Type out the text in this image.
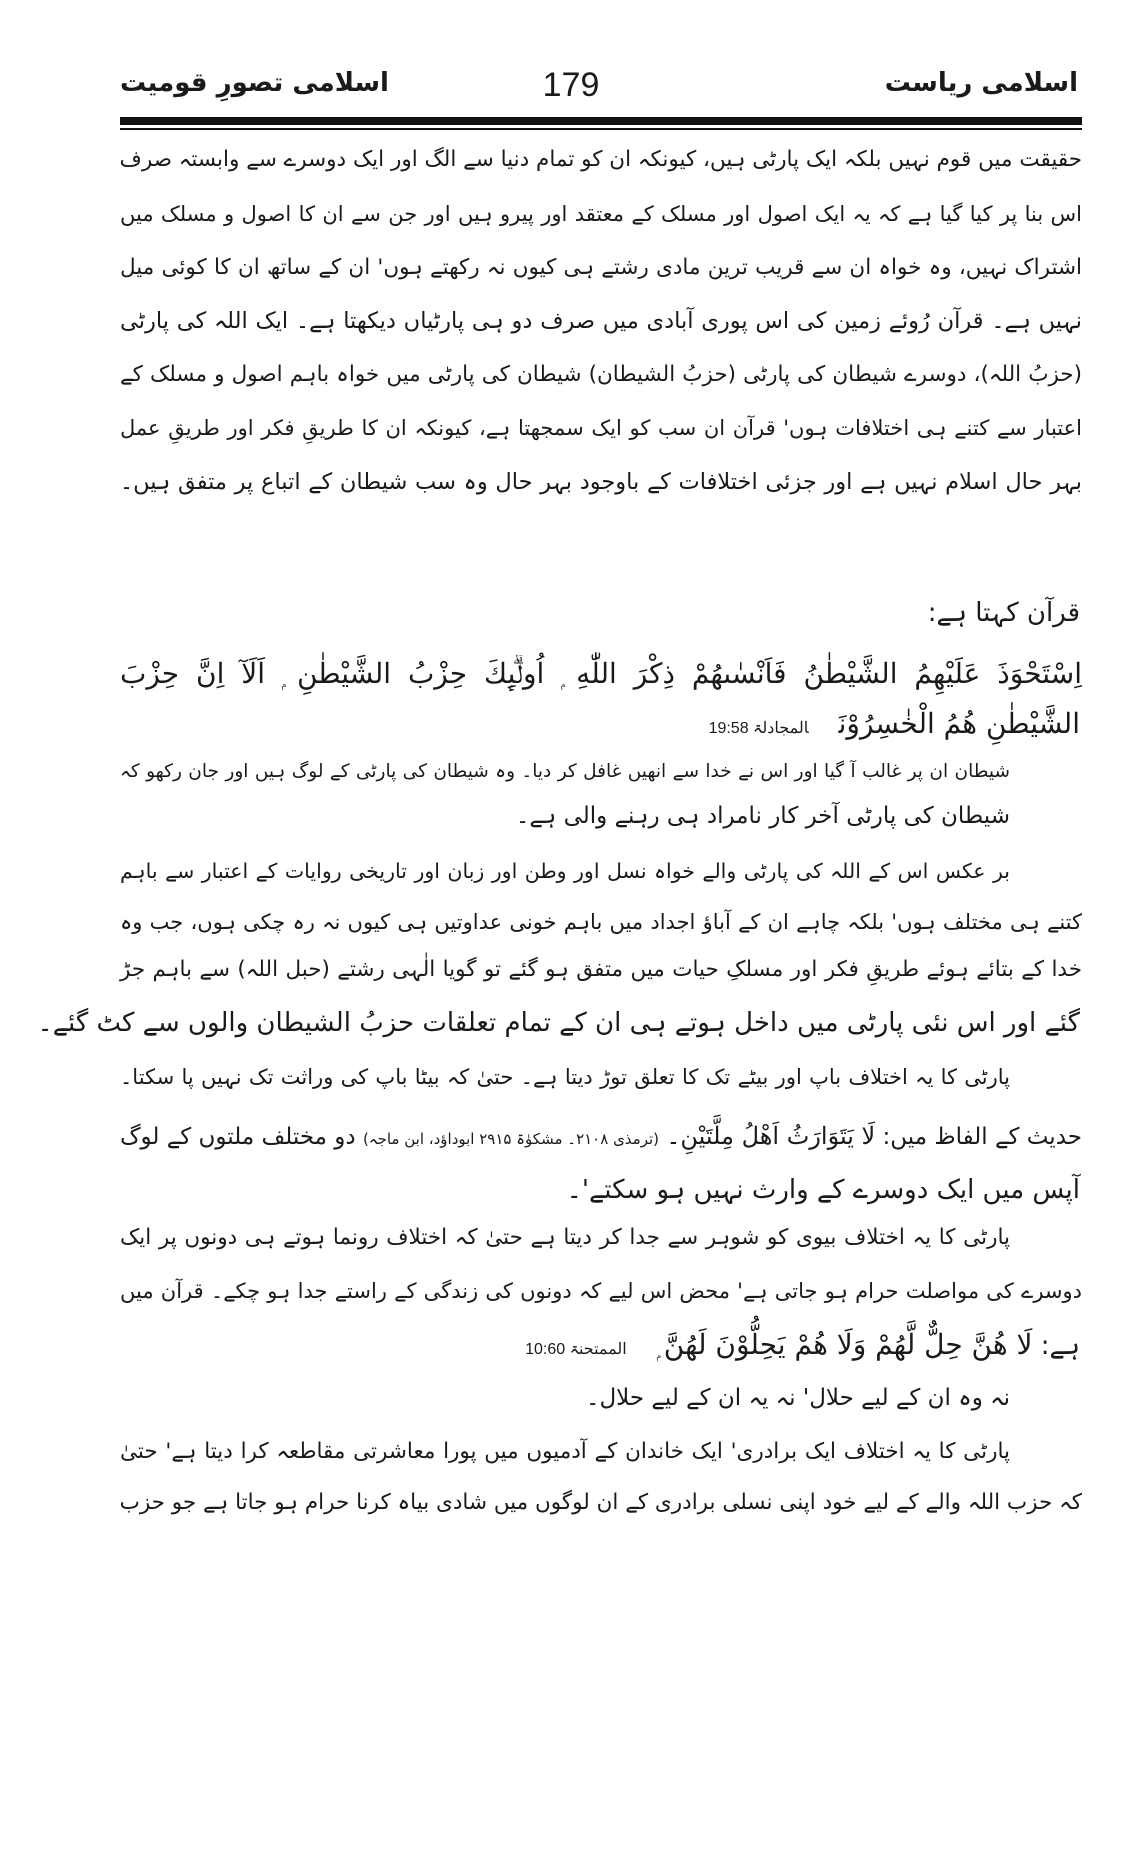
اسلامی ریاست
179
اسلامی تصورِ قومیت
حقیقت میں قوم نہیں بلکہ ایک پارٹی ہیں، کیونکہ ان کو تمام دنیا سے الگ اور ایک دوسرے سے وابستہ صرف
اس بنا پر کیا گیا ہے کہ یہ ایک اصول اور مسلک کے معتقد اور پیرو ہیں اور جن سے ان کا اصول و مسلک میں
اشتراک نہیں، وہ خواہ ان سے قریب ترین مادی رشتے ہی کیوں نہ رکھتے ہوں' ان کے ساتھ ان کا کوئی میل
نہیں ہے۔ قرآن رُوئے زمین کی اس پوری آبادی میں صرف دو ہی پارٹیاں دیکھتا ہے۔ ایک اللہ کی پارٹی
(حزبُ اللہ)، دوسرے شیطان کی پارٹی (حزبُ الشیطان) شیطان کی پارٹی میں خواہ باہم اصول و مسلک کے
اعتبار سے کتنے ہی اختلافات ہوں' قرآن ان سب کو ایک سمجھتا ہے، کیونکہ ان کا طریقِ فکر اور طریقِ عمل
بہر حال اسلام نہیں ہے اور جزئی اختلافات کے باوجود بہر حال وہ سب شیطان کے اتباع پر متفق ہیں۔
قرآن کہتا ہے:
اِسْتَحْوَذَ عَلَيْهِمُ الشَّيْطٰنُ فَاَنْسٰىهُمْ ذِكْرَ اللّٰهِ ۭ اُولٰۗىِٕكَ حِزْبُ الشَّيْطٰنِ ۭ اَلَآ اِنَّ حِزْبَ
الشَّيْطٰنِ هُمُ الْخٰسِرُوْنَالمجادلۃ 19:58
شیطان ان پر غالب آ گیا اور اس نے خدا سے انھیں غافل کر دیا۔ وہ شیطان کی پارٹی کے لوگ ہیں اور جان رکھو کہ
شیطان کی پارٹی آخر کار نامراد ہی رہنے والی ہے۔
بر عکس اس کے اللہ کی پارٹی والے خواہ نسل اور وطن اور زبان اور تاریخی روایات کے اعتبار سے باہم
کتنے ہی مختلف ہوں' بلکہ چاہے ان کے آباؤ اجداد میں باہم خونی عداوتیں ہی کیوں نہ رہ چکی ہوں، جب وہ
خدا کے بتائے ہوئے طریقِ فکر اور مسلکِ حیات میں متفق ہو گئے تو گویا الٰہی رشتے (حبل اللہ) سے باہم جڑ
گئے اور اس نئی پارٹی میں داخل ہوتے ہی ان کے تمام تعلقات حزبُ الشیطان والوں سے کٹ گئے۔
پارٹی کا یہ اختلاف باپ اور بیٹے تک کا تعلق توڑ دیتا ہے۔ حتیٰ کہ بیٹا باپ کی وراثت تک نہیں پا سکتا۔
حدیث کے الفاظ میں: لَا يَتَوَارَثُ اَهْلُ مِلَّتَيْنِ۔ (ترمذی ۲۱۰۸۔ مشکوٰۃ ۲۹۱۵ ابوداؤد، ابن ماجہ) دو مختلف ملتوں کے لوگ
آپس میں ایک دوسرے کے وارث نہیں ہو سکتے'۔
پارٹی کا یہ اختلاف بیوی کو شوہر سے جدا کر دیتا ہے حتیٰ کہ اختلاف رونما ہوتے ہی دونوں پر ایک
دوسرے کی مواصلت حرام ہو جاتی ہے' محض اس لیے کہ دونوں کی زندگی کے راستے جدا ہو چکے۔ قرآن میں
ہے: لَا هُنَّ حِلٌّ لَّهُمْ وَلَا هُمْ يَحِلُّوْنَ لَهُنَّ ۭالممتحنۃ 10:60
نہ وہ ان کے لیے حلال' نہ یہ ان کے لیے حلال۔
پارٹی کا یہ اختلاف ایک برادری' ایک خاندان کے آدمیوں میں پورا معاشرتی مقاطعہ کرا دیتا ہے' حتیٰ
کہ حزب اللہ والے کے لیے خود اپنی نسلی برادری کے ان لوگوں میں شادی بیاہ کرنا حرام ہو جاتا ہے جو حزب
